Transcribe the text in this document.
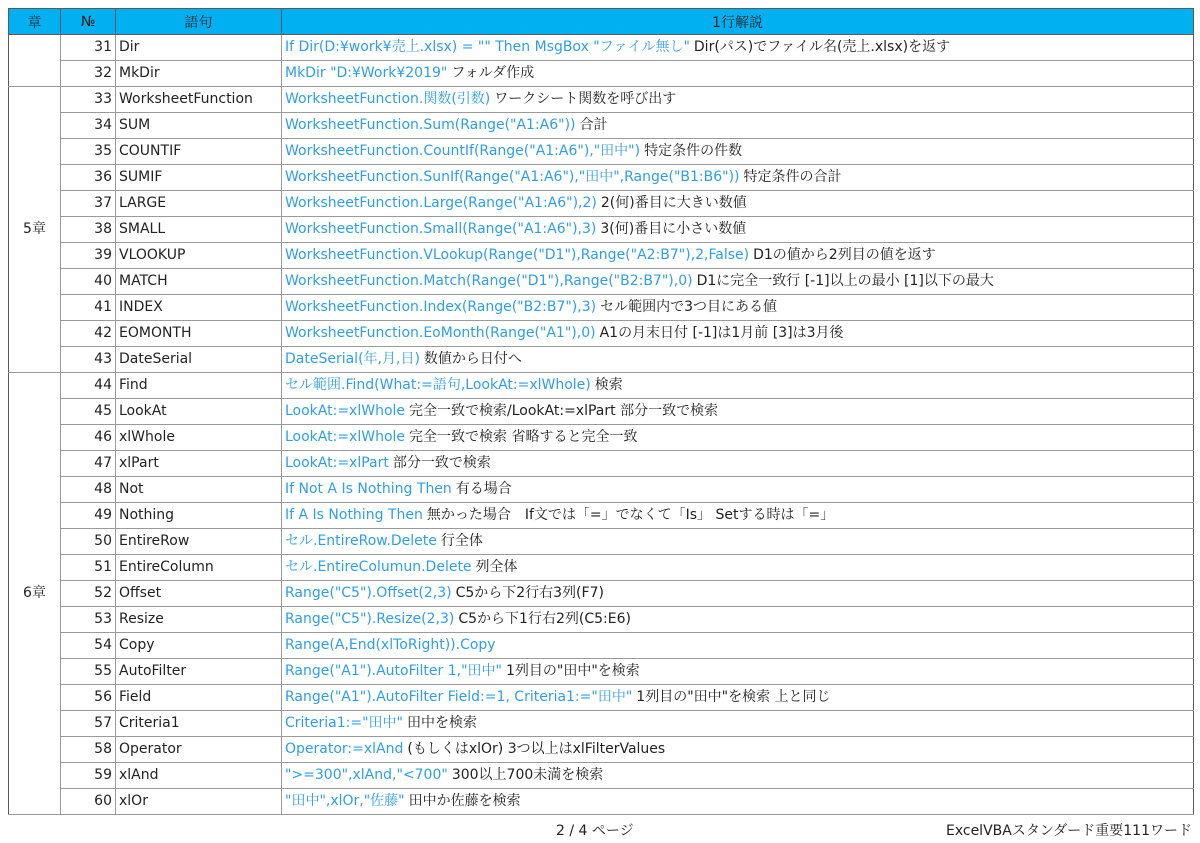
章	№	語句	1行解説
	31	Dir	If Dir(D:¥work¥売上.xlsx) = "" Then MsgBox "ファイル無し" Dir(パス)でファイル名(売上.xlsx)を返す
	32	MkDir	MkDir "D:¥Work¥2019" フォルダ作成
5章	33	WorksheetFunction	WorksheetFunction.関数(引数) ワークシート関数を呼び出す
	34	SUM	WorksheetFunction.Sum(Range("A1:A6")) 合計
	35	COUNTIF	WorksheetFunction.CountIf(Range("A1:A6"),"田中") 特定条件の件数
	36	SUMIF	WorksheetFunction.SunIf(Range("A1:A6"),"田中",Range("B1:B6")) 特定条件の合計
	37	LARGE	WorksheetFunction.Large(Range("A1:A6"),2) 2(何)番目に大きい数値
	38	SMALL	WorksheetFunction.Small(Range("A1:A6"),3) 3(何)番目に小さい数値
	39	VLOOKUP	WorksheetFunction.VLookup(Range("D1"),Range("A2:B7"),2,False) D1の値から2列目の値を返す
	40	MATCH	WorksheetFunction.Match(Range("D1"),Range("B2:B7"),0) D1に完全一致行 [-1]以上の最小 [1]以下の最大
	41	INDEX	WorksheetFunction.Index(Range("B2:B7"),3) セル範囲内で3つ目にある値
	42	EOMONTH	WorksheetFunction.EoMonth(Range("A1"),0) A1の月末日付 [-1]は1月前 [3]は3月後
	43	DateSerial	DateSerial(年,月,日) 数値から日付へ
6章	44	Find	セル範囲.Find(What:=語句,LookAt:=xlWhole) 検索
	45	LookAt	LookAt:=xlWhole 完全一致で検索/LookAt:=xlPart 部分一致で検索
	46	xlWhole	LookAt:=xlWhole 完全一致で検索 省略すると完全一致
	47	xlPart	LookAt:=xlPart 部分一致で検索
	48	Not	If Not A Is Nothing Then 有る場合
	49	Nothing	If A Is Nothing Then 無かった場合　If文では「=」でなくて「Is」 Setする時は「=」
	50	EntireRow	セル.EntireRow.Delete 行全体
	51	EntireColumn	セル.EntireColumun.Delete 列全体
	52	Offset	Range("C5").Offset(2,3) C5から下2行右3列(F7)
	53	Resize	Range("C5").Resize(2,3) C5から下1行右2列(C5:E6)
	54	Copy	Range(A,End(xlToRight)).Copy
	55	AutoFilter	Range("A1").AutoFilter 1,"田中" 1列目の"田中"を検索
	56	Field	Range("A1").AutoFilter Field:=1, Criteria1:="田中" 1列目の"田中"を検索 上と同じ
	57	Criteria1	Criteria1:="田中" 田中を検索
	58	Operator	Operator:=xlAnd (もしくはxlOr) 3つ以上はxlFilterValues
	59	xlAnd	">=300",xlAnd,"<700" 300以上700未満を検索
	60	xlOr	"田中",xlOr,"佐藤" 田中か佐藤を検索
2 / 4 ページ	ExcelVBAスタンダード重要111ワード
